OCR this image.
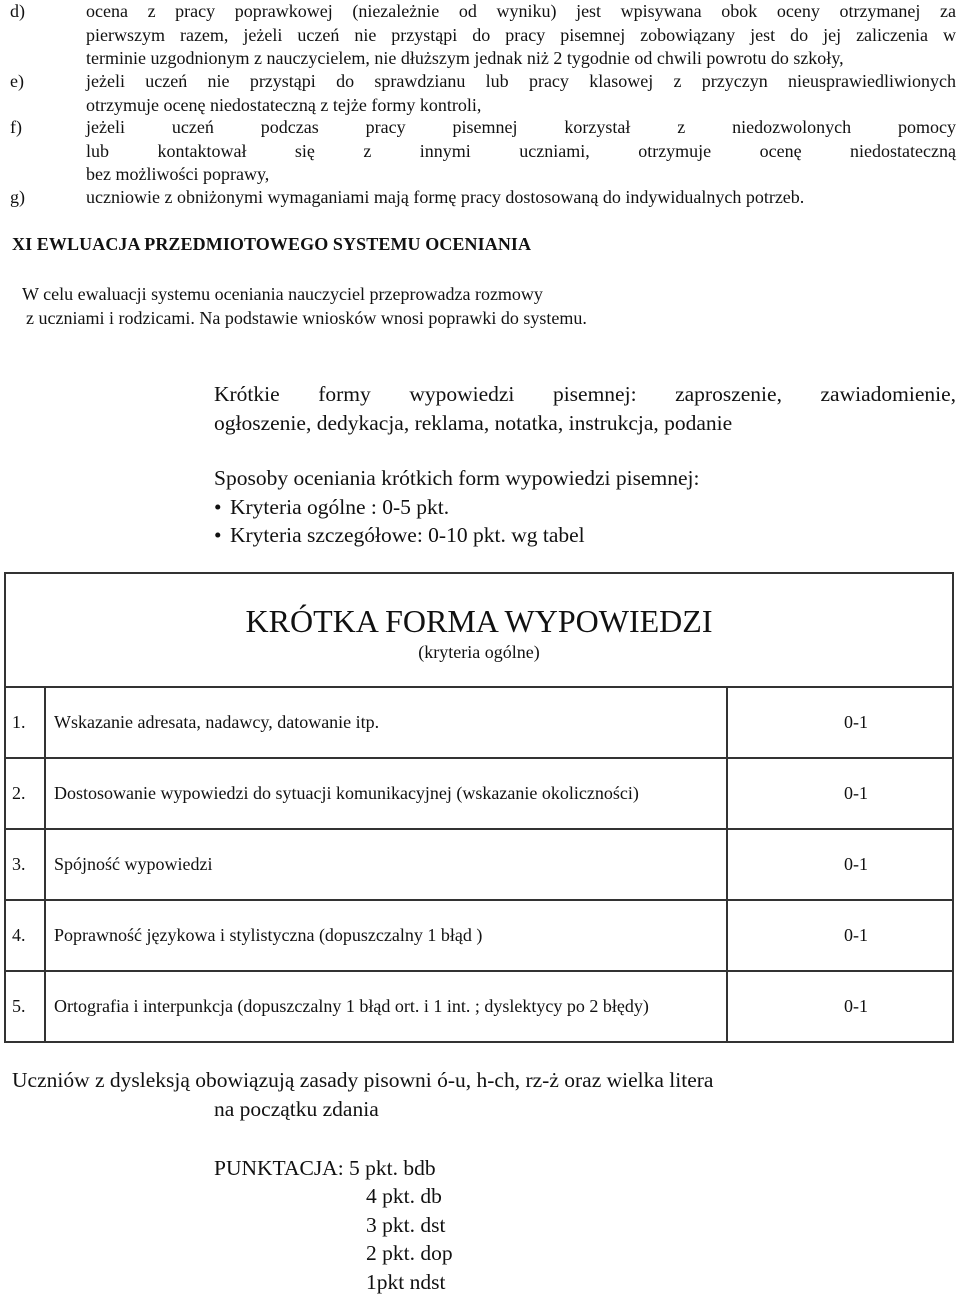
d)	ocena z pracy poprawkowej (niezależnie od wyniku) jest wpisywana obok oceny otrzymanej za
pierwszym razem, jeżeli uczeń nie przystąpi do pracy pisemnej zobowiązany jest do jej zaliczenia w
terminie uzgodnionym z nauczycielem, nie dłuższym jednak niż 2 tygodnie od chwili powrotu do szkoły,
e)	jeżeli uczeń nie przystąpi do sprawdzianu lub pracy klasowej z przyczyn nieusprawiedliwionych
otrzymuje ocenę niedostateczną z tejże formy kontroli,
f)	jeżeli uczeń podczas pracy pisemnej korzystał z niedozwolonych pomocy
lub kontaktował się z innymi uczniami, otrzymuje ocenę niedostateczną
bez możliwości poprawy,
g)	uczniowie z obniżonymi wymaganiami mają formę pracy dostosowaną do indywidualnych potrzeb.
XI EWLUACJA PRZEDMIOTOWEGO SYSTEMU OCENIANIA
W celu ewaluacji systemu oceniania nauczyciel przeprowadza rozmowy
z uczniami i rodzicami. Na podstawie wniosków wnosi poprawki do systemu.
Krótkie formy wypowiedzi pisemnej: zaproszenie, zawiadomienie,
ogłoszenie, dedykacja, reklama, notatka, instrukcja, podanie
Sposoby oceniania krótkich form wypowiedzi pisemnej:
• Kryteria ogólne : 0-5 pkt.
• Kryteria szczegółowe: 0-10 pkt. wg tabel
KRÓTKA FORMA WYPOWIEDZI
(kryteria ogólne)		

1.	Wskazanie adresata, nadawcy, datowanie itp.	0-1
2.	Dostosowanie wypowiedzi do sytuacji komunikacyjnej (wskazanie okoliczności)	0-1
3.	Spójność wypowiedzi	0-1
4.	Poprawność językowa i stylistyczna (dopuszczalny 1 błąd )	0-1
5.	Ortografia i interpunkcja (dopuszczalny 1 błąd ort. i 1 int. ; dyslektycy po 2 błędy)	0-1
Uczniów z dysleksją obowiązują zasady pisowni ó-u, h-ch, rz-ż oraz wielka litera
na początku zdania
PUNKTACJA: 5 pkt. bdb
4 pkt. db
3 pkt. dst
2 pkt. dop
1pkt ndst
